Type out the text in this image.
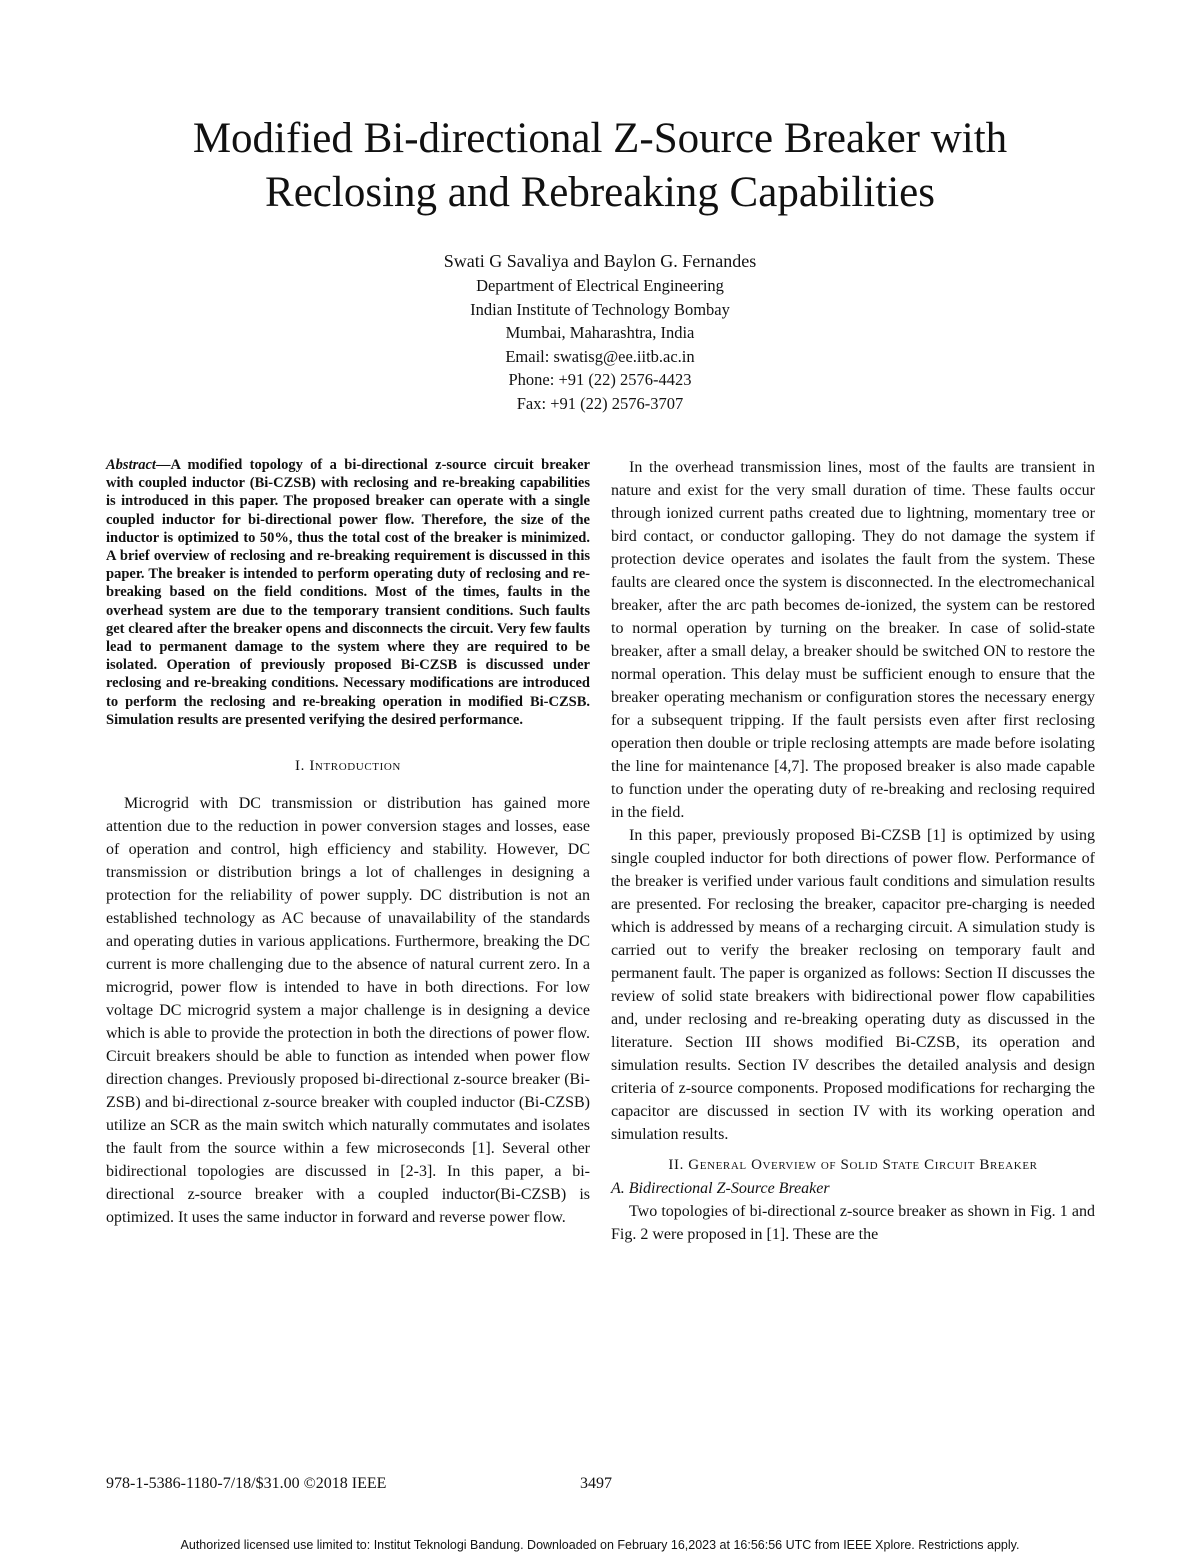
Modified Bi-directional Z-Source Breaker with
Reclosing and Rebreaking Capabilities
Swati G Savaliya and Baylon G. Fernandes
Department of Electrical Engineering
Indian Institute of Technology Bombay
Mumbai, Maharashtra, India
Email: swatisg@ee.iitb.ac.in
Phone: +91 (22) 2576-4423
Fax: +91 (22) 2576-3707

Abstract—A modified topology of a bi-directional z-source circuit breaker with coupled inductor (Bi-CZSB) with reclosing and re-breaking capabilities is introduced in this paper. The proposed breaker can operate with a single coupled inductor for bi-directional power flow. Therefore, the size of the inductor is optimized to 50%, thus the total cost of the breaker is minimized. A brief overview of reclosing and re-breaking requirement is discussed in this paper. The breaker is intended to perform operating duty of reclosing and re-breaking based on the field conditions. Most of the times, faults in the overhead system are due to the temporary transient conditions. Such faults get cleared after the breaker opens and disconnects the circuit. Very few faults lead to permanent damage to the system where they are required to be isolated. Operation of previously proposed Bi-CZSB is discussed under reclosing and re-breaking conditions. Necessary modifications are introduced to perform the reclosing and re-breaking operation in modified Bi-CZSB. Simulation results are presented verifying the desired performance.

I. Introduction

Microgrid with DC transmission or distribution has gained more attention due to the reduction in power conversion stages and losses, ease of operation and control, high efficiency and stability. However, DC transmission or distribution brings a lot of challenges in designing a protection for the reliability of power supply. DC distribution is not an established technology as AC because of unavailability of the standards and operating duties in various applications. Furthermore, breaking the DC current is more challenging due to the absence of natural current zero. In a microgrid, power flow is intended to have in both directions. For low voltage DC microgrid system a major challenge is in designing a device which is able to provide the protection in both the directions of power flow. Circuit breakers should be able to function as intended when power flow direction changes. Previously proposed bi-directional z-source breaker (Bi-ZSB) and bi-directional z-source breaker with coupled inductor (Bi-CZSB) utilize an SCR as the main switch which naturally commutates and isolates the fault from the source within a few microseconds [1]. Several other bidirectional topologies are discussed in [2-3]. In this paper, a bi-directional z-source breaker with a coupled inductor(Bi-CZSB) is optimized. It uses the same inductor in forward and reverse power flow.

In the overhead transmission lines, most of the faults are transient in nature and exist for the very small duration of time. These faults occur through ionized current paths created due to lightning, momentary tree or bird contact, or conductor galloping. They do not damage the system if protection device operates and isolates the fault from the system. These faults are cleared once the system is disconnected. In the electromechanical breaker, after the arc path becomes de-ionized, the system can be restored to normal operation by turning on the breaker. In case of solid-state breaker, after a small delay, a breaker should be switched ON to restore the normal operation. This delay must be sufficient enough to ensure that the breaker operating mechanism or configuration stores the necessary energy for a subsequent tripping. If the fault persists even after first reclosing operation then double or triple reclosing attempts are made before isolating the line for maintenance [4,7]. The proposed breaker is also made capable to function under the operating duty of re-breaking and reclosing required in the field.

In this paper, previously proposed Bi-CZSB [1] is optimized by using single coupled inductor for both directions of power flow. Performance of the breaker is verified under various fault conditions and simulation results are presented. For reclosing the breaker, capacitor pre-charging is needed which is addressed by means of a recharging circuit. A simulation study is carried out to verify the breaker reclosing on temporary fault and permanent fault. The paper is organized as follows: Section II discusses the review of solid state breakers with bidirectional power flow capabilities and, under reclosing and re-breaking operating duty as discussed in the literature. Section III shows modified Bi-CZSB, its operation and simulation results. Section IV describes the detailed analysis and design criteria of z-source components. Proposed modifications for recharging the capacitor are discussed in section IV with its working operation and simulation results.

II. General Overview of Solid State Circuit Breaker
A. Bidirectional Z-Source Breaker

Two topologies of bi-directional z-source breaker as shown in Fig. 1 and Fig. 2 were proposed in [1]. These are the

978-1-5386-1180-7/18/$31.00 ©2018 IEEE	3497
Authorized licensed use limited to: Institut Teknologi Bandung. Downloaded on February 16,2023 at 16:56:56 UTC from IEEE Xplore. Restrictions apply.
